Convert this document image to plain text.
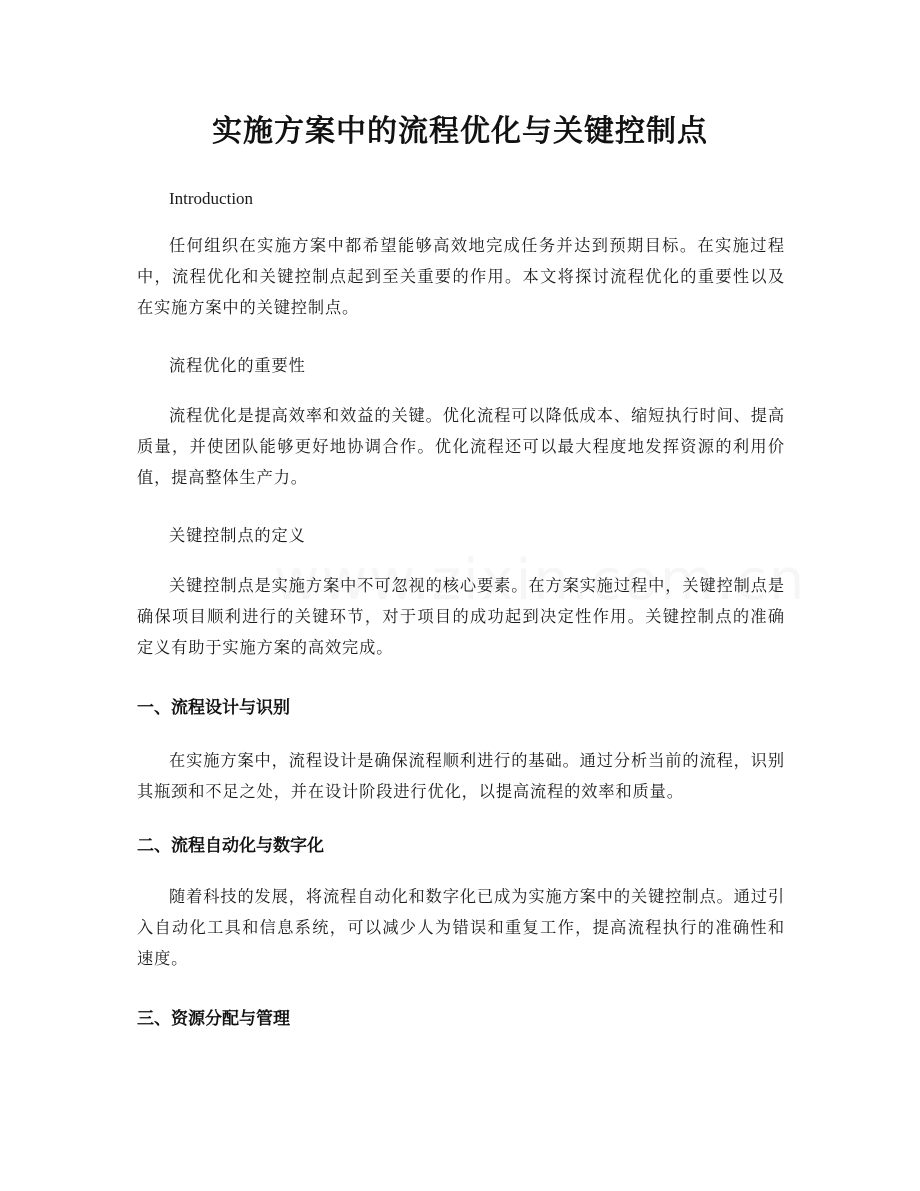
实施方案中的流程优化与关键控制点

Introduction

任何组织在实施方案中都希望能够高效地完成任务并达到预期目标。在实施过程中，流程优化和关键控制点起到至关重要的作用。本文将探讨流程优化的重要性以及在实施方案中的关键控制点。

流程优化的重要性

流程优化是提高效率和效益的关键。优化流程可以降低成本、缩短执行时间、提高质量，并使团队能够更好地协调合作。优化流程还可以最大程度地发挥资源的利用价值，提高整体生产力。

关键控制点的定义

关键控制点是实施方案中不可忽视的核心要素。在方案实施过程中，关键控制点是确保项目顺利进行的关键环节，对于项目的成功起到决定性作用。关键控制点的准确定义有助于实施方案的高效完成。

一、流程设计与识别

在实施方案中，流程设计是确保流程顺利进行的基础。通过分析当前的流程，识别其瓶颈和不足之处，并在设计阶段进行优化，以提高流程的效率和质量。

二、流程自动化与数字化

随着科技的发展，将流程自动化和数字化已成为实施方案中的关键控制点。通过引入自动化工具和信息系统，可以减少人为错误和重复工作，提高流程执行的准确性和速度。

三、资源分配与管理
